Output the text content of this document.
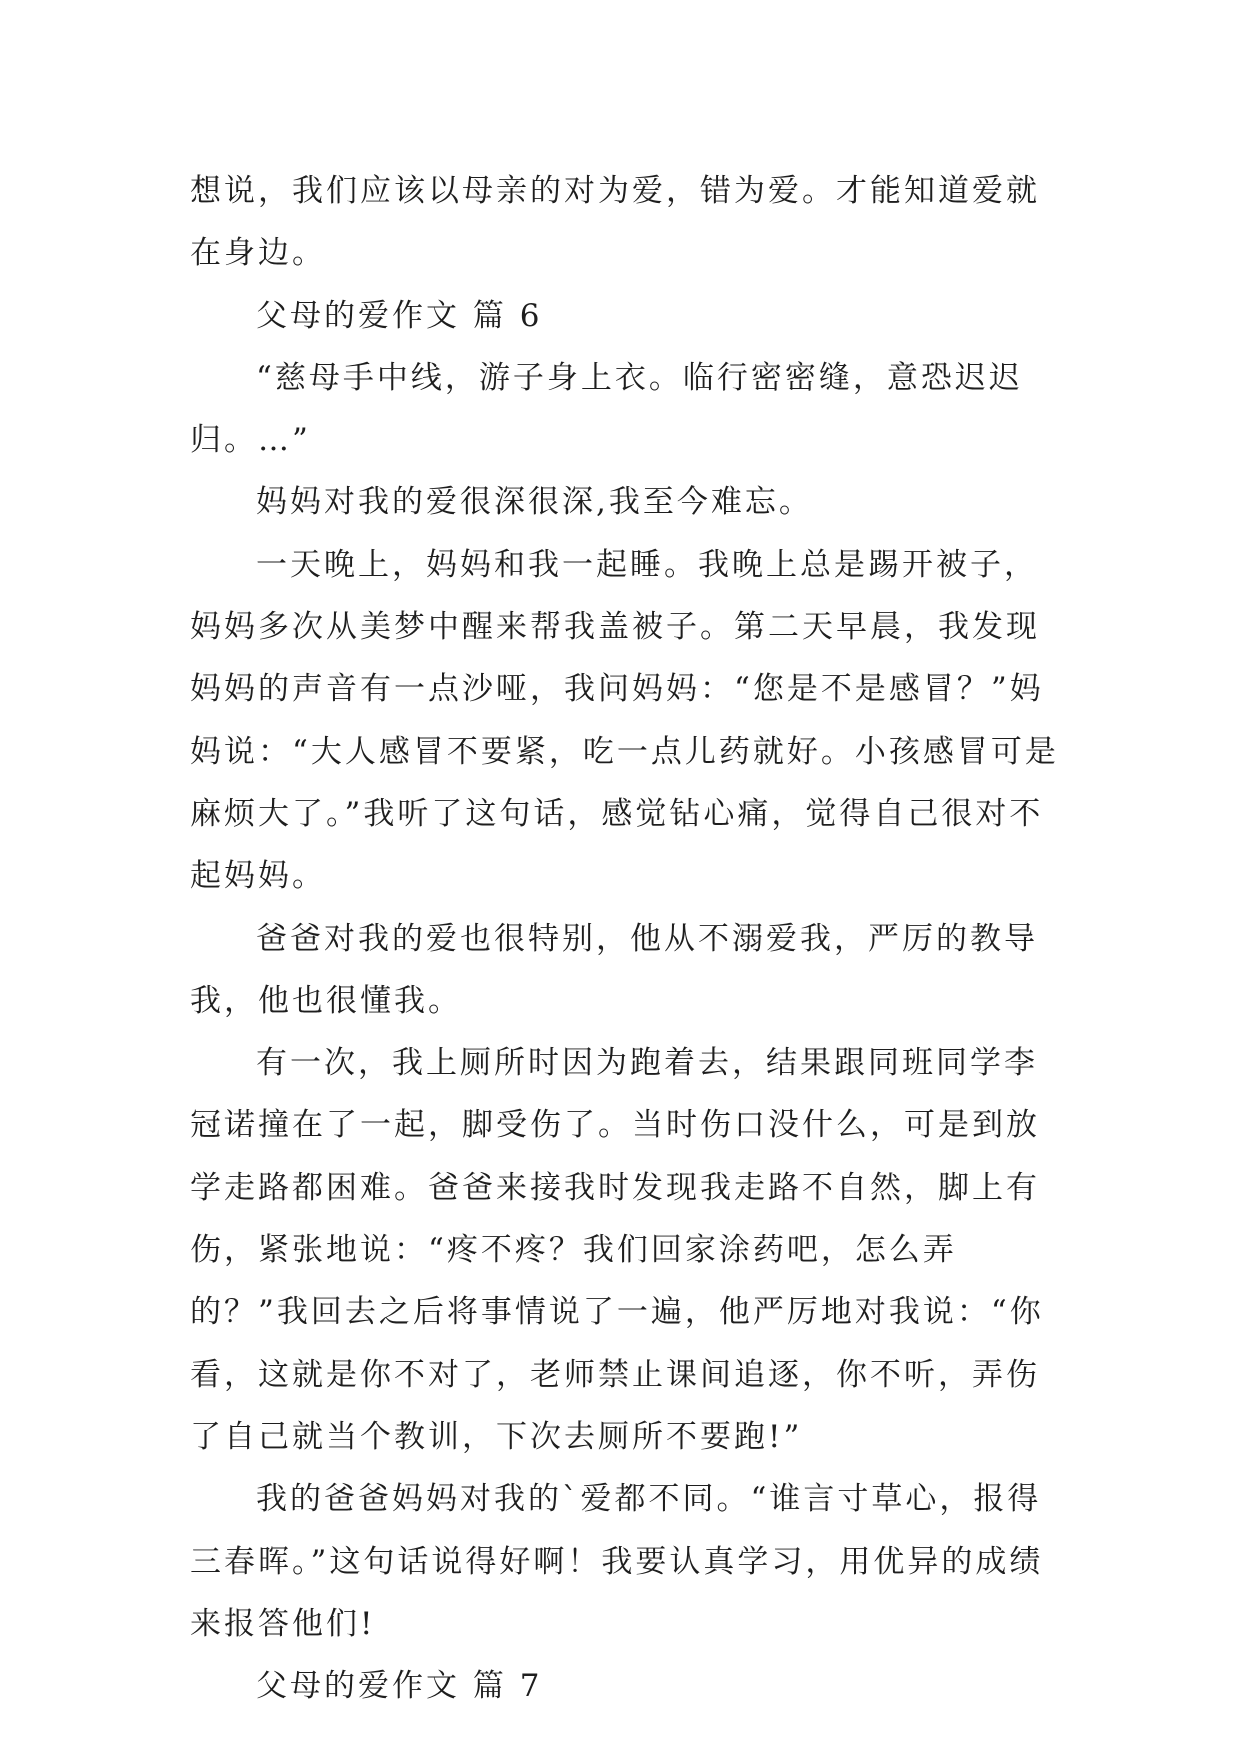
想说，我们应该以母亲的对为爱，错为爱。才能知道爱就在身边。

父母的爱作文 篇 6

“慈母手中线，游子身上衣。临行密密缝，意恐迟迟归。…”

妈妈对我的爱很深很深,我至今难忘。

一天晚上，妈妈和我一起睡。我晚上总是踢开被子，妈妈多次从美梦中醒来帮我盖被子。第二天早晨，我发现妈妈的声音有一点沙哑，我问妈妈：“您是不是感冒？”妈妈说：“大人感冒不要紧，吃一点儿药就好。小孩感冒可是麻烦大了。”我听了这句话，感觉钻心痛，觉得自己很对不起妈妈。

爸爸对我的爱也很特别，他从不溺爱我，严厉的教导我，他也很懂我。

有一次，我上厕所时因为跑着去，结果跟同班同学李冠诺撞在了一起，脚受伤了。当时伤口没什么，可是到放学走路都困难。爸爸来接我时发现我走路不自然，脚上有伤，紧张地说：“疼不疼？我们回家涂药吧，怎么弄的？”我回去之后将事情说了一遍，他严厉地对我说：“你看，这就是你不对了，老师禁止课间追逐，你不听，弄伤了自己就当个教训，下次去厕所不要跑!”

我的爸爸妈妈对我的`爱都不同。“谁言寸草心，报得三春晖。”这句话说得好啊！我要认真学习，用优异的成绩来报答他们!

父母的爱作文 篇 7
